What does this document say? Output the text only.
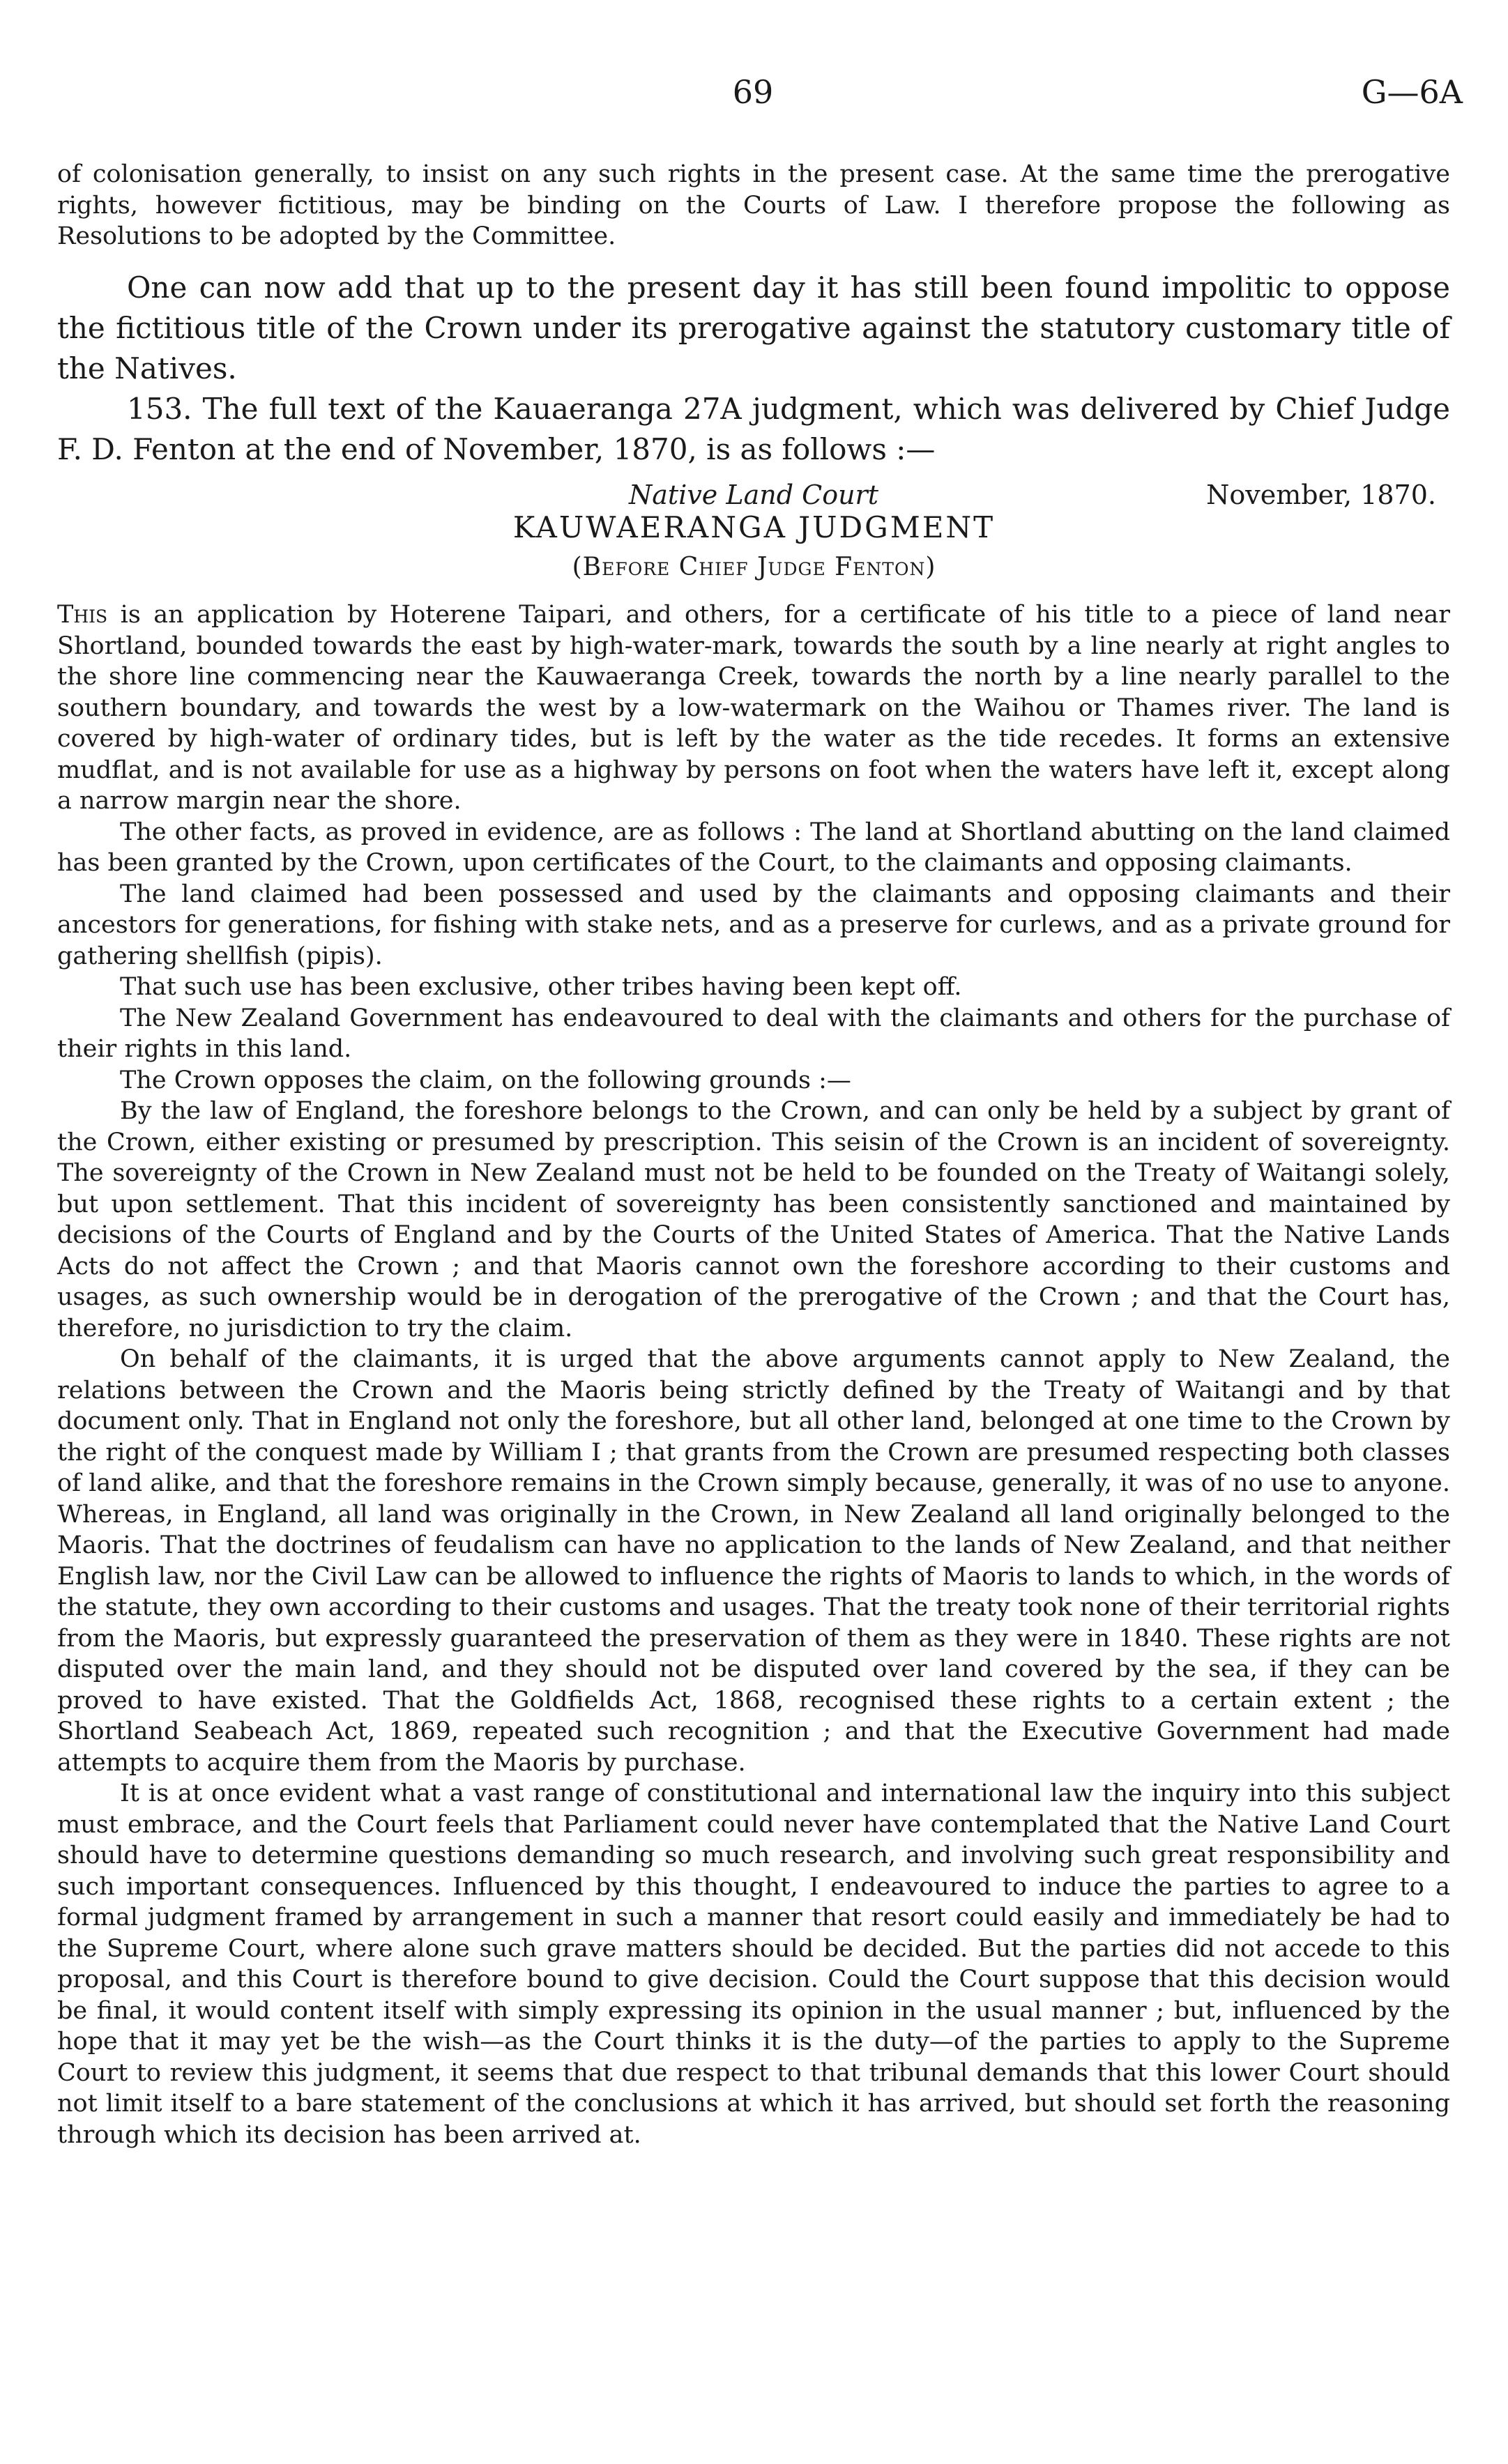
69	G—6A

of colonisation generally, to insist on any such rights in the present case. At the same time the prerogative rights, however fictitious, may be binding on the Courts of Law. I therefore propose the following as Resolutions to be adopted by the Committee.

One can now add that up to the present day it has still been found impolitic to oppose the fictitious title of the Crown under its prerogative against the statutory customary title of the Natives.

153. The full text of the Kauaeranga 27A judgment, which was delivered by Chief Judge F. D. Fenton at the end of November, 1870, is as follows :—

Native Land Court	November, 1870.
KAUWAERANGA JUDGMENT
(Before Chief Judge Fenton)

This is an application by Hoterene Taipari, and others, for a certificate of his title to a piece of land near Shortland, bounded towards the east by high-water-mark, towards the south by a line nearly at right angles to the shore line commencing near the Kauwaeranga Creek, towards the north by a line nearly parallel to the southern boundary, and towards the west by a low-watermark on the Waihou or Thames river. The land is covered by high-water of ordinary tides, but is left by the water as the tide recedes. It forms an extensive mudflat, and is not available for use as a highway by persons on foot when the waters have left it, except along a narrow margin near the shore.

The other facts, as proved in evidence, are as follows : The land at Shortland abutting on the land claimed has been granted by the Crown, upon certificates of the Court, to the claimants and opposing claimants.

The land claimed had been possessed and used by the claimants and opposing claimants and their ancestors for generations, for fishing with stake nets, and as a preserve for curlews, and as a private ground for gathering shellfish (pipis).

That such use has been exclusive, other tribes having been kept off.

The New Zealand Government has endeavoured to deal with the claimants and others for the purchase of their rights in this land.

The Crown opposes the claim, on the following grounds :—

By the law of England, the foreshore belongs to the Crown, and can only be held by a subject by grant of the Crown, either existing or presumed by prescription. This seisin of the Crown is an incident of sovereignty. The sovereignty of the Crown in New Zealand must not be held to be founded on the Treaty of Waitangi solely, but upon settlement. That this incident of sovereignty has been consistently sanctioned and maintained by decisions of the Courts of England and by the Courts of the United States of America. That the Native Lands Acts do not affect the Crown ; and that Maoris cannot own the foreshore according to their customs and usages, as such ownership would be in derogation of the prerogative of the Crown ; and that the Court has, therefore, no jurisdiction to try the claim.

On behalf of the claimants, it is urged that the above arguments cannot apply to New Zealand, the relations between the Crown and the Maoris being strictly defined by the Treaty of Waitangi and by that document only. That in England not only the foreshore, but all other land, belonged at one time to the Crown by the right of the conquest made by William I ; that grants from the Crown are presumed respecting both classes of land alike, and that the foreshore remains in the Crown simply because, generally, it was of no use to anyone. Whereas, in England, all land was originally in the Crown, in New Zealand all land originally belonged to the Maoris. That the doctrines of feudalism can have no application to the lands of New Zealand, and that neither English law, nor the Civil Law can be allowed to influence the rights of Maoris to lands to which, in the words of the statute, they own according to their customs and usages. That the treaty took none of their territorial rights from the Maoris, but expressly guaranteed the preservation of them as they were in 1840. These rights are not disputed over the main land, and they should not be disputed over land covered by the sea, if they can be proved to have existed. That the Goldfields Act, 1868, recognised these rights to a certain extent ; the Shortland Seabeach Act, 1869, repeated such recognition ; and that the Executive Government had made attempts to acquire them from the Maoris by purchase.

It is at once evident what a vast range of constitutional and international law the inquiry into this subject must embrace, and the Court feels that Parliament could never have contemplated that the Native Land Court should have to determine questions demanding so much research, and involving such great responsibility and such important consequences. Influenced by this thought, I endeavoured to induce the parties to agree to a formal judgment framed by arrangement in such a manner that resort could easily and immediately be had to the Supreme Court, where alone such grave matters should be decided. But the parties did not accede to this proposal, and this Court is therefore bound to give decision. Could the Court suppose that this decision would be final, it would content itself with simply expressing its opinion in the usual manner ; but, influenced by the hope that it may yet be the wish—as the Court thinks it is the duty—of the parties to apply to the Supreme Court to review this judgment, it seems that due respect to that tribunal demands that this lower Court should not limit itself to a bare statement of the conclusions at which it has arrived, but should set forth the reasoning through which its decision has been arrived at.
